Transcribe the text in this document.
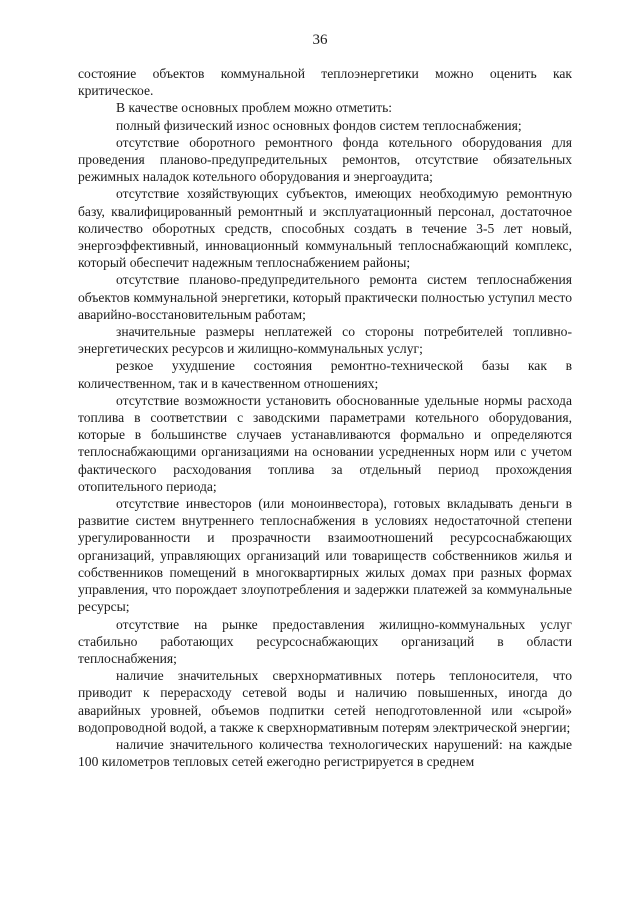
36

состояние объектов коммунальной теплоэнергетики можно оценить как критическое.

В качестве основных проблем можно отметить:

полный физический износ основных фондов систем теплоснабжения;

отсутствие оборотного ремонтного фонда котельного оборудования для проведения планово-предупредительных ремонтов, отсутствие обязательных режимных наладок котельного оборудования и энергоаудита;

отсутствие хозяйствующих субъектов, имеющих необходимую ремонтную базу, квалифицированный ремонтный и эксплуатационный персонал, достаточное количество оборотных средств, способных создать в течение 3-5 лет новый, энергоэффективный, инновационный коммунальный теплоснабжающий комплекс, который обеспечит надежным теплоснабжением районы;

отсутствие планово-предупредительного ремонта систем теплоснабжения объектов коммунальной энергетики, который практически полностью уступил место аварийно-восстановительным работам;

значительные размеры неплатежей со стороны потребителей топливно-энергетических ресурсов и жилищно-коммунальных услуг;

резкое ухудшение состояния ремонтно-технической базы как в количественном, так и в качественном отношениях;

отсутствие возможности установить обоснованные удельные нормы расхода топлива в соответствии с заводскими параметрами котельного оборудования, которые в большинстве случаев устанавливаются формально и определяются теплоснабжающими организациями на основании усредненных норм или с учетом фактического расходования топлива за отдельный период прохождения отопительного периода;

отсутствие инвесторов (или моноинвестора), готовых вкладывать деньги в развитие систем внутреннего теплоснабжения в условиях недостаточной степени урегулированности и прозрачности взаимоотношений ресурсоснабжающих организаций, управляющих организаций или товариществ собственников жилья и собственников помещений в многоквартирных жилых домах при разных формах управления, что порождает злоупотребления и задержки платежей за коммунальные ресурсы;

отсутствие на рынке предоставления жилищно-коммунальных услуг стабильно работающих ресурсоснабжающих организаций в области теплоснабжения;

наличие значительных сверхнормативных потерь теплоносителя, что приводит к перерасходу сетевой воды и наличию повышенных, иногда до аварийных уровней, объемов подпитки сетей неподготовленной или «сырой» водопроводной водой, а также к сверхнормативным потерям электрической энергии;

наличие значительного количества технологических нарушений: на каждые 100 километров тепловых сетей ежегодно регистрируется в среднем
